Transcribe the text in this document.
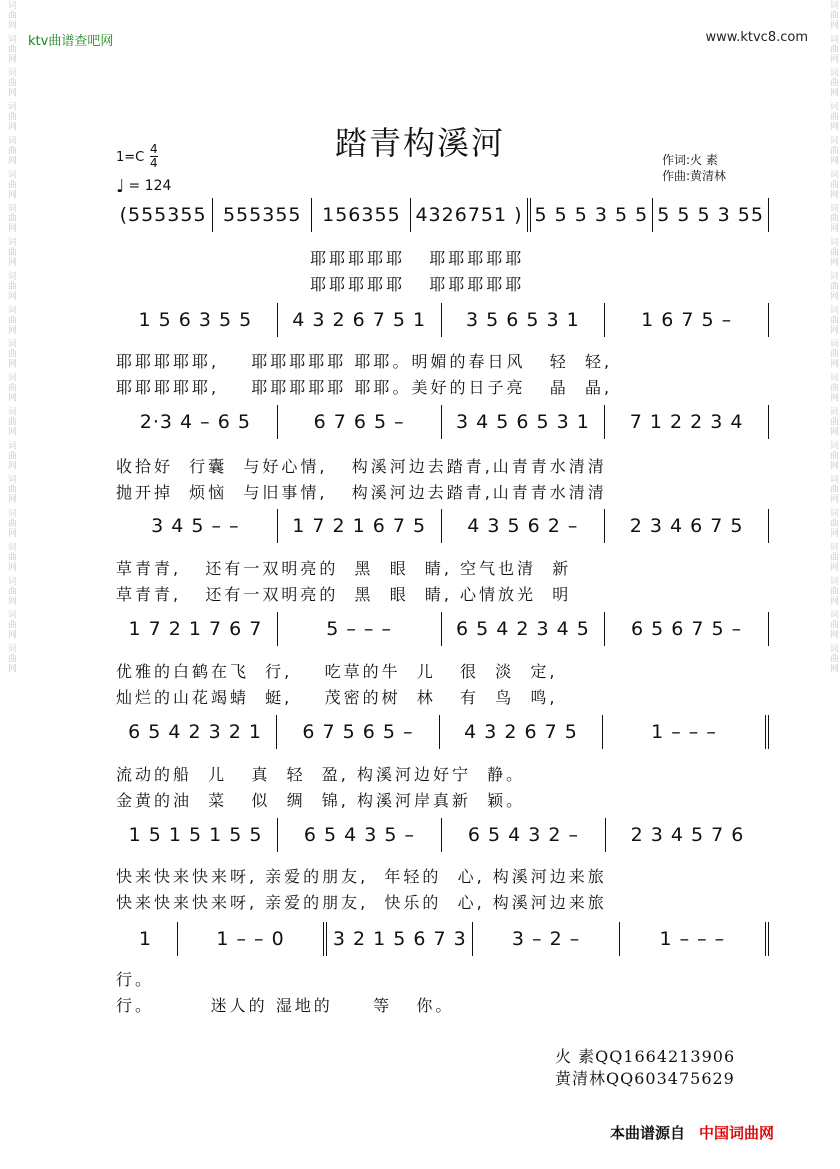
词曲网 词曲网 词曲网 词曲网 词曲网 词曲网 词曲网 词曲网 词曲网 词曲网 词曲网 词曲网 词曲网 词曲网 词曲网 词曲网 词曲网 词曲网 词曲网 词曲网
词曲网 词曲网 词曲网 词曲网 词曲网 词曲网 词曲网 词曲网 词曲网 词曲网 词曲网 词曲网 词曲网 词曲网 词曲网 词曲网 词曲网 词曲网 词曲网 词曲网
ktv曲谱查吧网	www.ktvc8.com
踏青构溪河
1=C
4
4
♩ = 124
作词:火 素
作曲:黄清林
(555355 555355	156355 4326751 ) 5 5 5 3 5 5 5 5 5 3 55
耶耶耶耶耶   耶耶耶耶耶
耶耶耶耶耶   耶耶耶耶耶
1 5 6 3 5 5	4 3 2 6 7 5 1	3 5 6 5 3 1	1 6 7 5 –
耶耶耶耶耶,    耶耶耶耶耶 耶耶。明媚的春日风   轻  轻,
耶耶耶耶耶,    耶耶耶耶耶 耶耶。美好的日子亮   晶  晶,
2·3 4 – 6 5	6 7 6 5 –	3 4 5 6 5 3 1	7 1 2 2 3 4
收拾好  行囊  与好心情,   构溪河边去踏青,山青青水清清
抛开掉  烦恼  与旧事情,   构溪河边去踏青,山青青水清清
3 4 5 – –	1 7 2 1 6 7 5	4 3 5 6 2 –	2 3 4 6 7 5
草青青,   还有一双明亮的  黑  眼  睛, 空气也清  新
草青青,   还有一双明亮的  黑  眼  睛, 心情放光  明
1 7 2 1 7 6 7	5 – – –	6 5 4 2 3 4 5	6 5 6 7 5 –
优雅的白鹤在飞  行,    吃草的牛  儿   很  淡  定,
灿烂的山花竭蜻  蜓,    茂密的树  林   有  鸟  鸣,
6 5 4 2 3 2 1	6 7 5 6 5 –	4 3 2 6 7 5	1 – – –
流动的船  儿   真  轻  盈, 构溪河边好宁  静。
金黄的油  菜   似  绸  锦, 构溪河岸真新  颖。
1 5 1 5 1 5 5	6 5 4 3 5 –	6 5 4 3 2 –	2 3 4 5 7 6
快来快来快来呀, 亲爱的朋友,  年轻的  心, 构溪河边来旅
快来快来快来呀, 亲爱的朋友,  快乐的  心, 构溪河边来旅
1	1 – – 0	3 2 1 5 6 7 3	3 – 2 –	1 – – –
行。
行。       迷人的 湿地的     等   你。
火 素QQ1664213906
黄清林QQ603475629
本曲谱源自 中国词曲网
